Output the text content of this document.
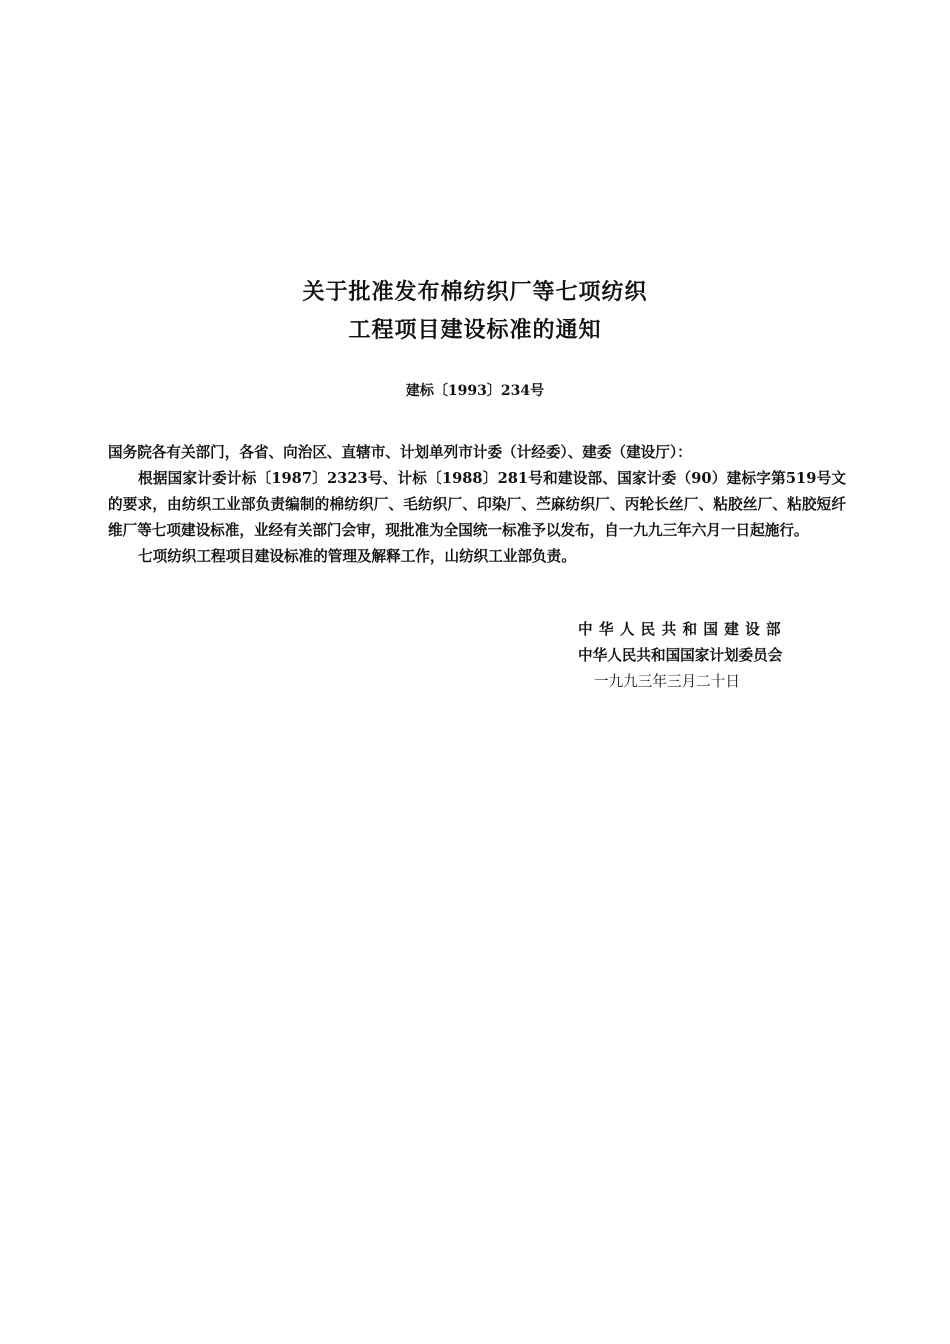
关于批准发布棉纺织厂等七项纺织
工程项目建设标准的通知
建标〔1993〕234号

国务院各有关部门，各省、向治区、直辖市、计划单列市计委（计经委）、建委（建设厅）：

根据国家计委计标〔1987〕2323号、计标〔1988〕281号和建设部、国家计委（90）建标字第519号文的要求，由纺织工业部负责编制的棉纺织厂、毛纺织厂、印染厂、苎麻纺织厂、丙轮长丝厂、粘胶丝厂、粘胶短纤维厂等七项建设标准，业经有关部门会审，现批准为全国统一标准予以发布，自一九九三年六月一日起施行。

七项纺织工程项目建设标准的管理及解释工作，山纺织工业部负责。

中华人民共和国建设部
中华人民共和国国家计划委员会
一九九三年三月二十日
